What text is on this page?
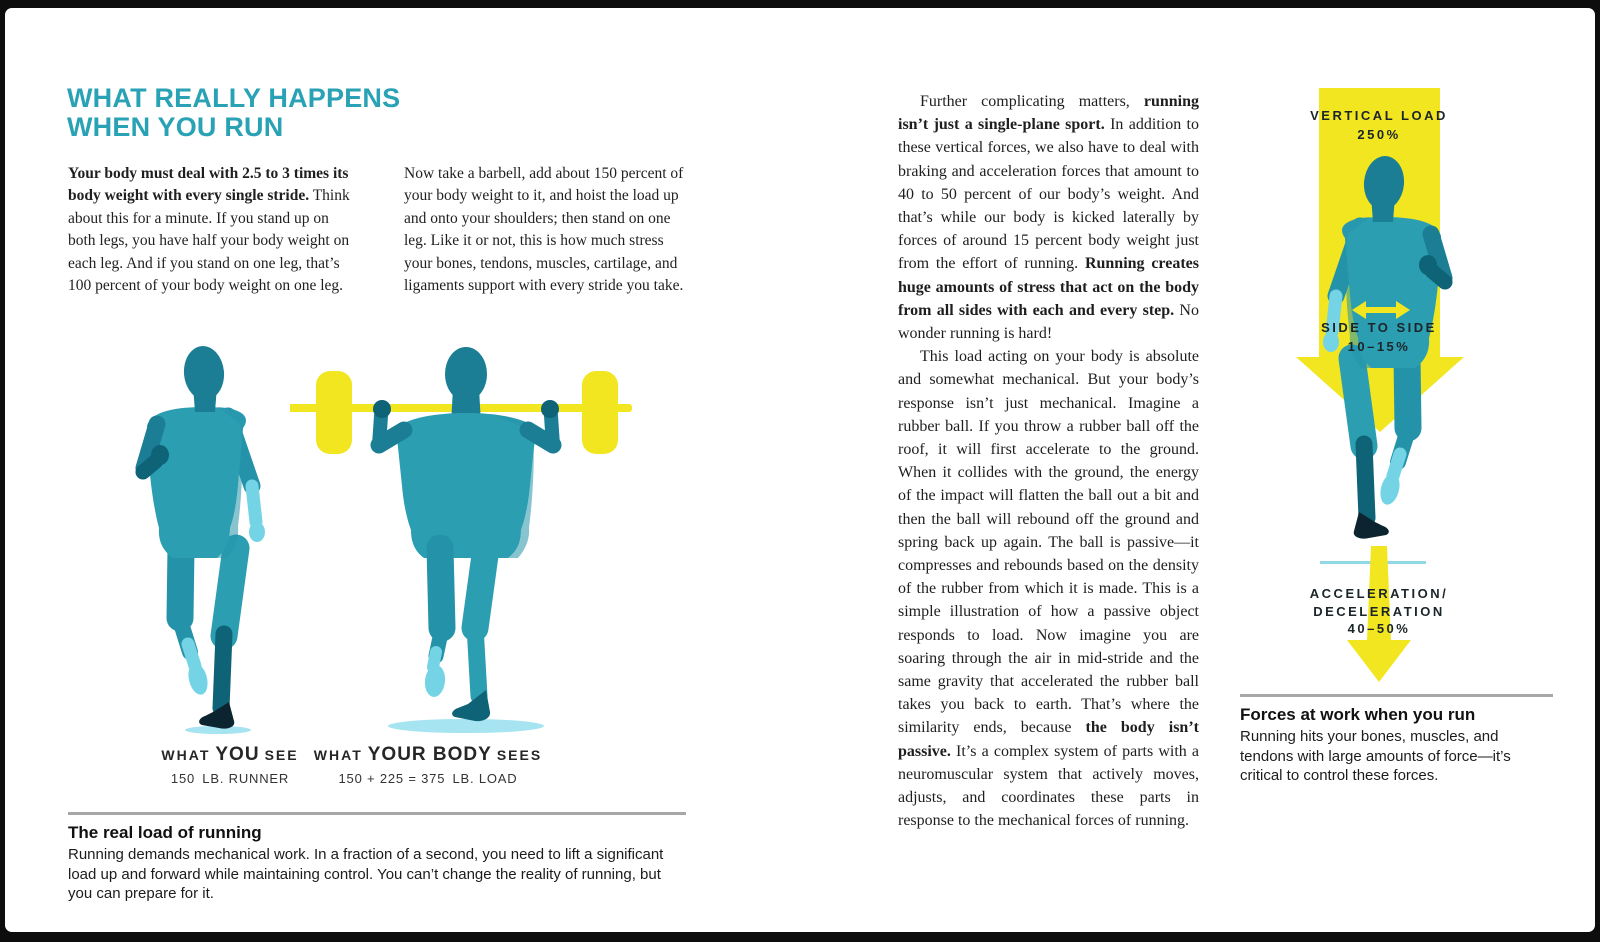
WHAT REALLY HAPPENS
WHEN YOU RUN
Your body must deal with 2.5 to 3 times its body weight with every single stride. Think about this for a minute. If you stand up on both legs, you have half your body weight on each leg. And if you stand on one leg, that’s 100 percent of your body weight on one leg.
Now take a barbell, add about 150 percent of your body weight to it, and hoist the load up and onto your shoulders; then stand on one leg. Like it or not, this is how much stress your bones, tendons, muscles, cartilage, and ligaments support with every stride you take.
WHAT YOU SEE
150 LB. RUNNER
WHAT YOUR BODY SEES
150 + 225 = 375 LB. LOAD
The real load of running
Running demands mechanical work. In a fraction of a second, you need to lift a significant load up and forward while maintaining control. You can’t change the reality of running, but you can prepare for it.

Further complicating matters, running isn’t just a single-plane sport. In addition to these vertical forces, we also have to deal with braking and acceleration forces that amount to 40 to 50 percent of our body’s weight. And that’s while our body is kicked laterally by forces of around 15 percent body weight just from the effort of running. Running creates huge amounts of stress that act on the body from all sides with each and every step. No wonder running is hard!

This load acting on your body is absolute and somewhat mechanical. But your body’s response isn’t just mechanical. Imagine a rubber ball. If you throw a rubber ball off the roof, it will first accelerate to the ground. When it collides with the ground, the energy of the impact will flatten the ball out a bit and then the ball will rebound off the ground and spring back up again. The ball is passive—it compresses and rebounds based on the density of the rubber from which it is made. This is a simple illustration of how a passive object responds to load. Now imagine you are soaring through the air in mid-stride and the same gravity that accelerated the rubber ball takes you back to earth. That’s where the similarity ends, because the body isn’t passive. It’s a complex system of parts with a neuromuscular system that actively moves, adjusts, and coordinates these parts in response to the mechanical forces of running.

VERTICAL LOAD
250%
SIDE TO SIDE
10–15%
ACCELERATION/
DECELERATION
40–50%
Forces at work when you run
Running hits your bones, muscles, and tendons with large amounts of force—it’s critical to control these forces.
